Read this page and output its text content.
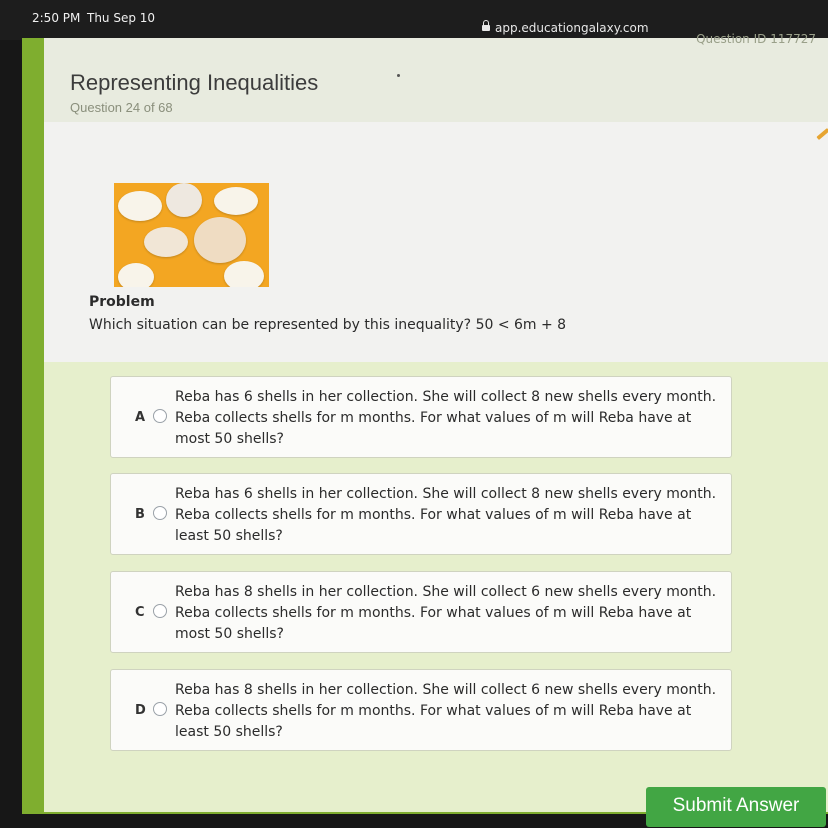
2:50 PM Thu Sep 10
app.educationgalaxy.com
Question ID 117727
Representing Inequalities
Question 24 of 68
Problem
Which situation can be represented by this inequality? 50 < 6m + 8
A
Reba has 6 shells in her collection. She will collect 8 new shells every month. Reba collects shells for m months. For what values of m will Reba have at most 50 shells?
B
Reba has 6 shells in her collection. She will collect 8 new shells every month. Reba collects shells for m months. For what values of m will Reba have at least 50 shells?
C
Reba has 8 shells in her collection. She will collect 6 new shells every month. Reba collects shells for m months. For what values of m will Reba have at most 50 shells?
D
Reba has 8 shells in her collection. She will collect 6 new shells every month. Reba collects shells for m months. For what values of m will Reba have at least 50 shells?
Submit Answer
